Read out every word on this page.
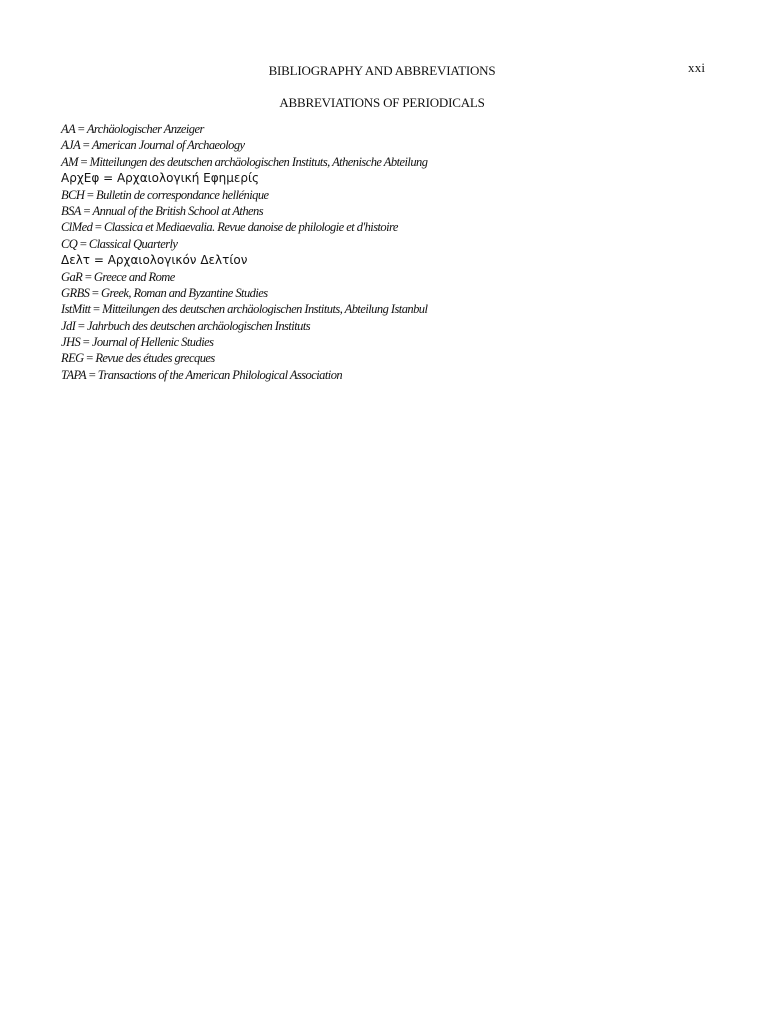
xxi
BIBLIOGRAPHY AND ABBREVIATIONS
ABBREVIATIONS OF PERIODICALS
AA = Archäologischer Anzeiger
AJA = American Journal of Archaeology
AM = Mitteilungen des deutschen archäologischen Instituts, Athenische Abteilung
ΑρχΕφ = Αρχαιολογική Εφημερίς
BCH = Bulletin de correspondance hellénique
BSA = Annual of the British School at Athens
ClMed = Classica et Mediaevalia. Revue danoise de philologie et d'histoire
CQ = Classical Quarterly
Δελτ = Αρχαιολογικόν Δελτίον
GaR = Greece and Rome
GRBS = Greek, Roman and Byzantine Studies
IstMitt = Mitteilungen des deutschen archäologischen Instituts, Abteilung Istanbul
JdI = Jahrbuch des deutschen archäologischen Instituts
JHS = Journal of Hellenic Studies
REG = Revue des études grecques
TAPA = Transactions of the American Philological Association
